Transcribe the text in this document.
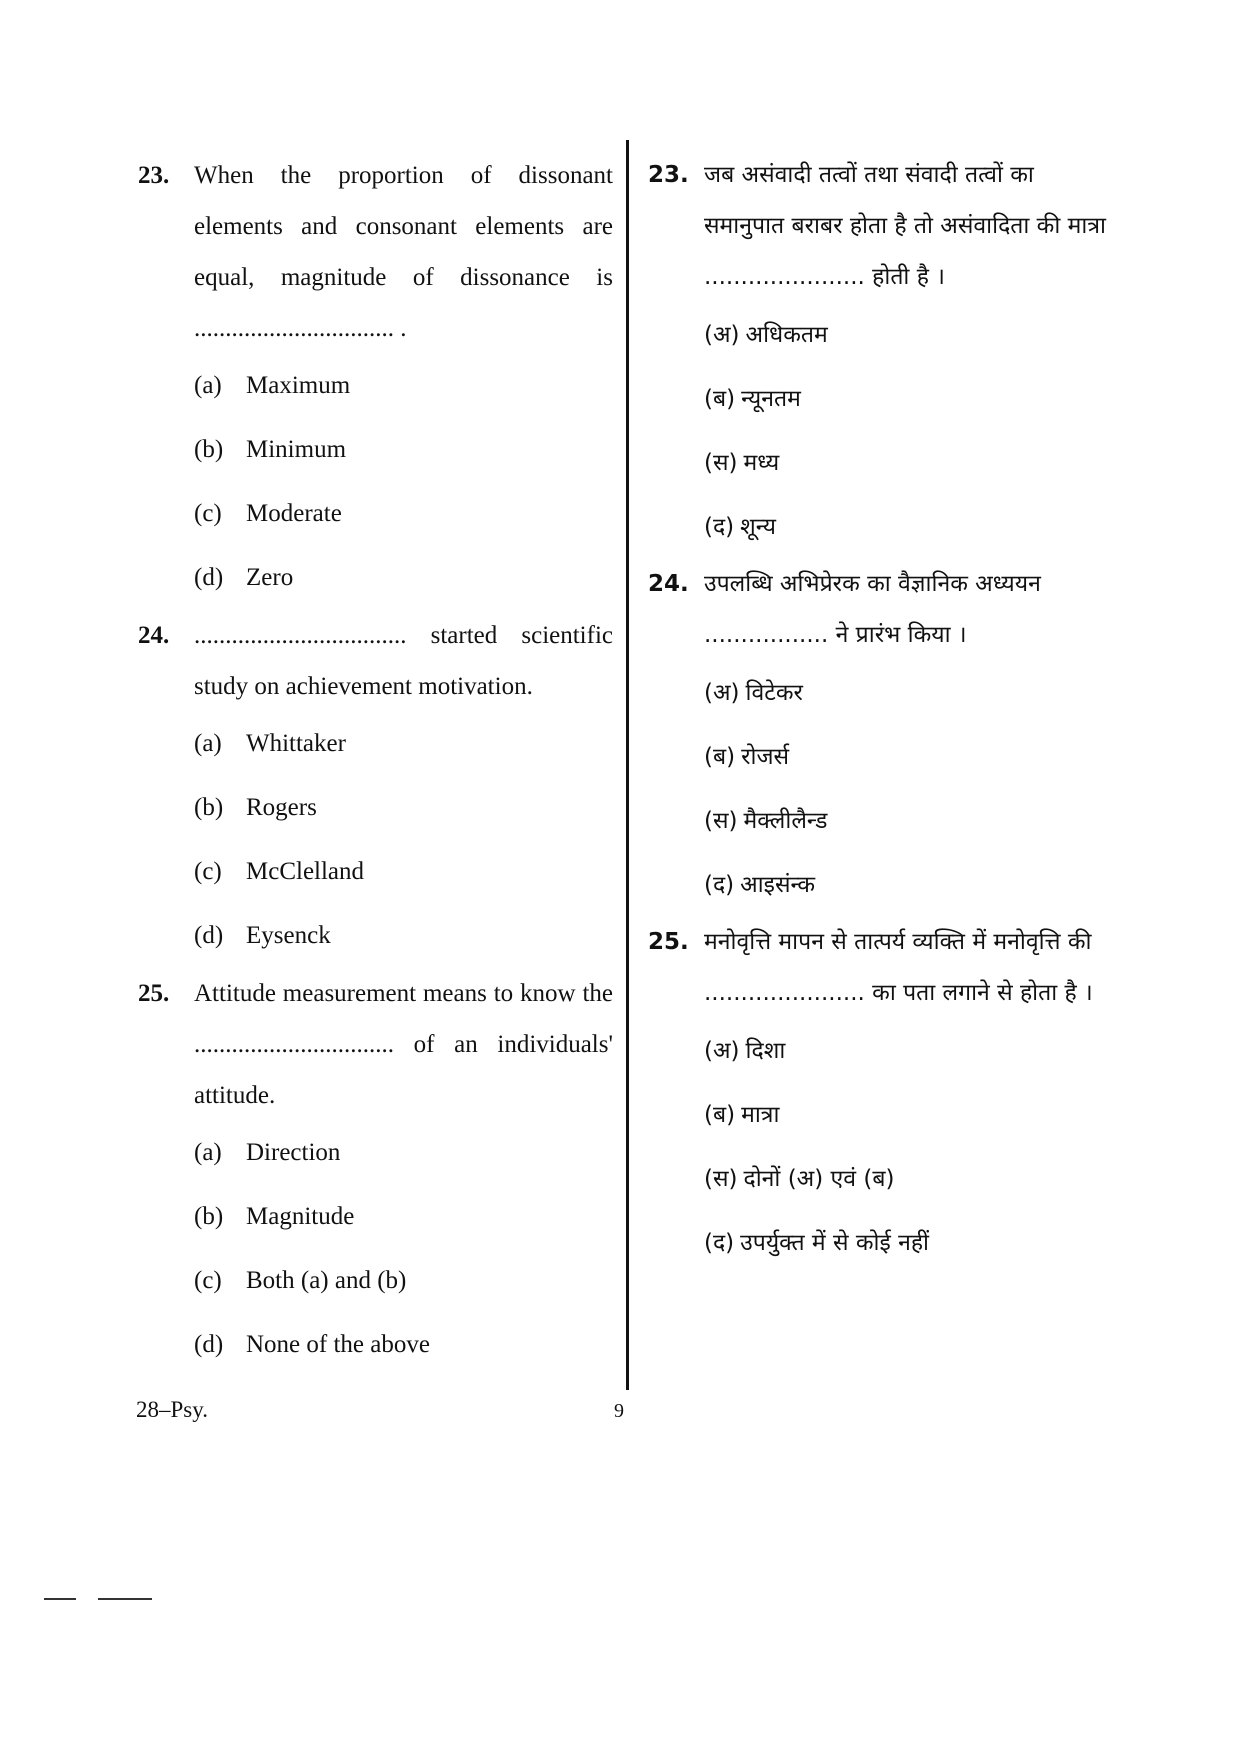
23. When the proportion of dissonant elements and consonant elements are equal, magnitude of dissonance is ................................ .
(a) Maximum
(b) Minimum
(c) Moderate
(d) Zero
24. .................................. started scientific study on achievement motivation.
(a) Whittaker
(b) Rogers
(c) McClelland
(d) Eysenck
25. Attitude measurement means to know the ................................ of an individuals' attitude.
(a) Direction
(b) Magnitude
(c) Both (a) and (b)
(d) None of the above
23. जब असंवादी तत्वों तथा संवादी तत्वों का समानुपात बराबर होता है तो असंवादिता की मात्रा ...................... होती है ।
(अ) अधिकतम
(ब) न्यूनतम
(स) मध्य
(द) शून्य
24. उपलब्धि अभिप्रेरक का वैज्ञानिक अध्ययन ................. ने प्रारंभ किया ।
(अ) विटेकर
(ब) रोजर्स
(स) मैक्लीलैन्ड
(द) आइसंन्क
25. मनोवृत्ति मापन से तात्पर्य व्यक्ति में मनोवृत्ति की ...................... का पता लगाने से होता है ।
(अ) दिशा
(ब) मात्रा
(स) दोनों (अ) एवं (ब)
(द) उपर्युक्त में से कोई नहीं
28–Psy.	9
